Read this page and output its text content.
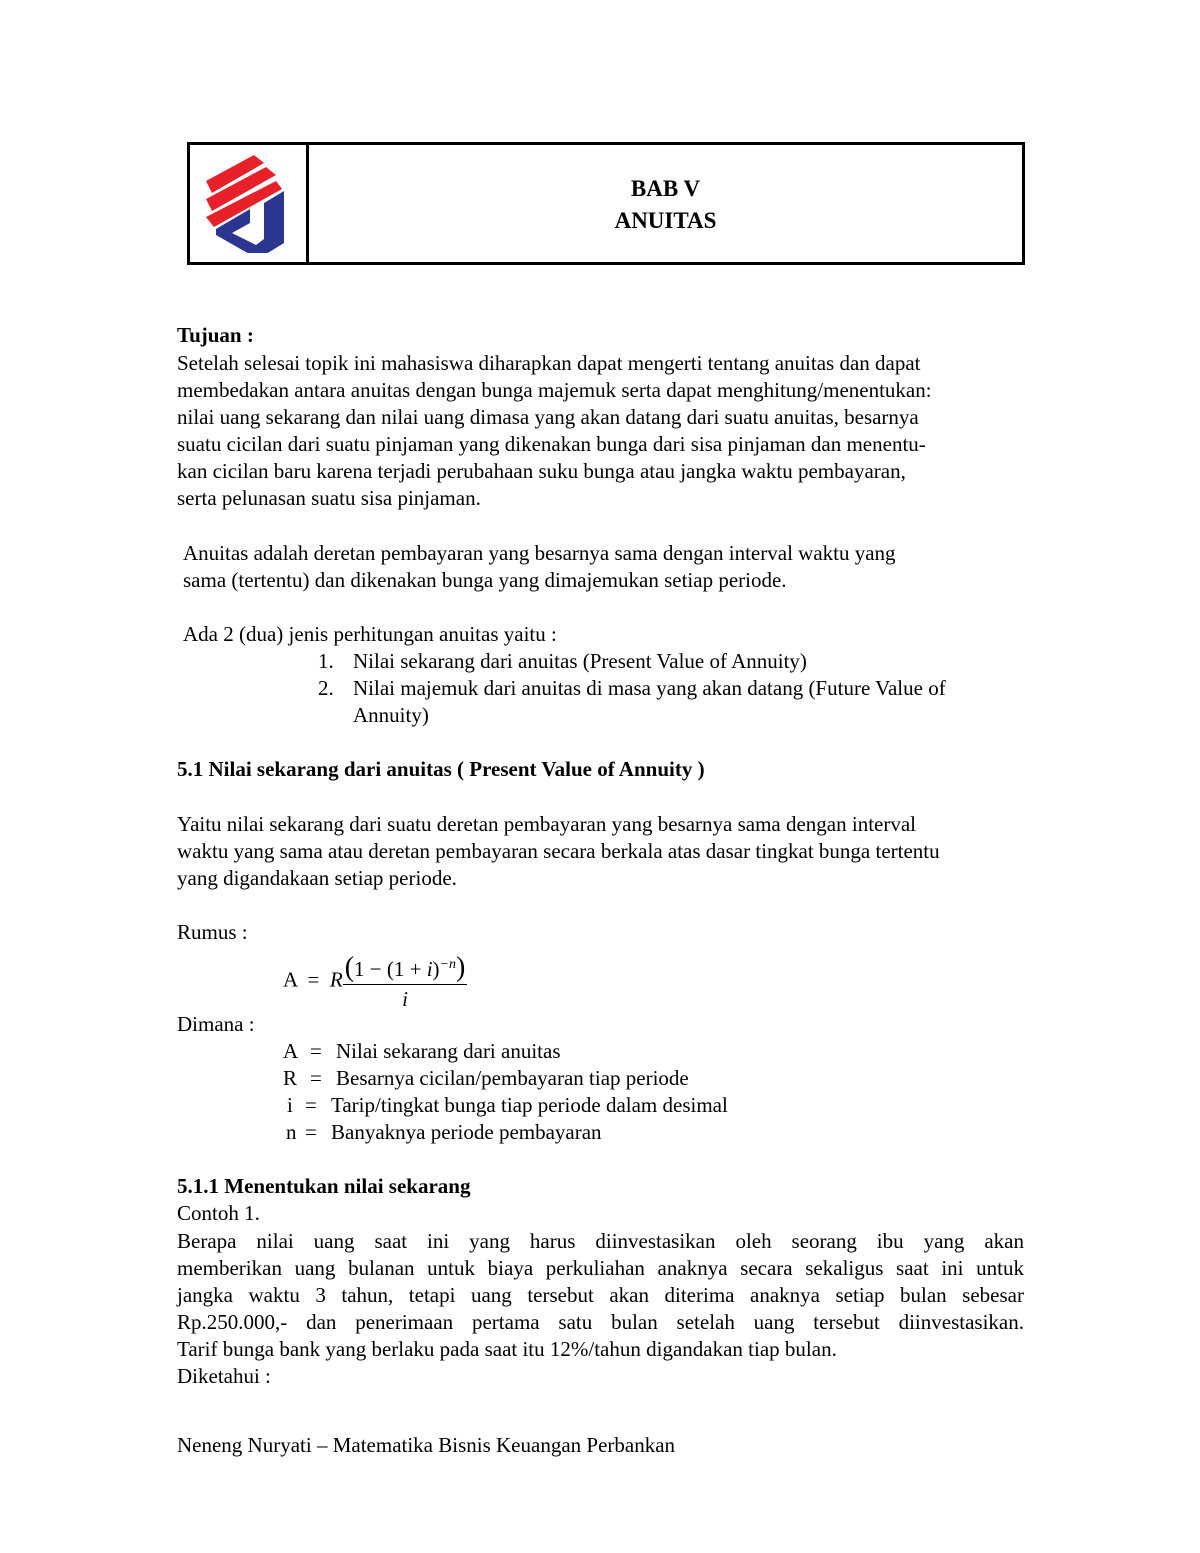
BAB V
ANUITAS
Tujuan :
Setelah selesai topik ini mahasiswa diharapkan dapat mengerti tentang anuitas dan dapat
membedakan antara anuitas dengan bunga majemuk serta dapat menghitung/menentukan:
nilai uang sekarang dan nilai uang dimasa yang akan datang dari suatu anuitas, besarnya
suatu cicilan dari suatu pinjaman yang dikenakan bunga dari sisa pinjaman dan menentu-
kan cicilan baru karena terjadi perubahaan suku bunga atau jangka waktu pembayaran,
serta pelunasan suatu sisa pinjaman.
Anuitas adalah deretan pembayaran yang besarnya sama dengan interval waktu yang
sama (tertentu) dan dikenakan bunga yang dimajemukan setiap periode.
Ada 2 (dua) jenis perhitungan anuitas yaitu :
1. Nilai sekarang dari anuitas (Present Value of Annuity)
2. Nilai majemuk dari anuitas di masa yang akan datang (Future Value of
Annuity)
5.1 Nilai sekarang dari anuitas ( Present Value of Annuity )
Yaitu nilai sekarang dari suatu deretan pembayaran yang besarnya sama dengan interval
waktu yang sama atau deretan pembayaran secara berkala atas dasar tingkat bunga tertentu
yang digandakaan setiap periode.
Rumus :
A = R $\frac{(1 - (1 + i)^{-n})}{i}$
Dimana :
A = Nilai sekarang dari anuitas
R = Besarnya cicilan/pembayaran tiap periode
i = Tarip/tingkat bunga tiap periode dalam desimal
n = Banyaknya periode pembayaran
5.1.1 Menentukan nilai sekarang
Contoh 1.
Berapa nilai uang saat ini yang harus diinvestasikan oleh seorang ibu yang akan
memberikan uang bulanan untuk biaya perkuliahan anaknya secara sekaligus saat ini untuk
jangka waktu 3 tahun, tetapi uang tersebut akan diterima anaknya setiap bulan sebesar
Rp.250.000,- dan penerimaan pertama satu bulan setelah uang tersebut diinvestasikan.
Tarif bunga bank yang berlaku pada saat itu 12%/tahun digandakan tiap bulan.
Diketahui :
Neneng Nuryati – Matematika Bisnis Keuangan Perbankan
